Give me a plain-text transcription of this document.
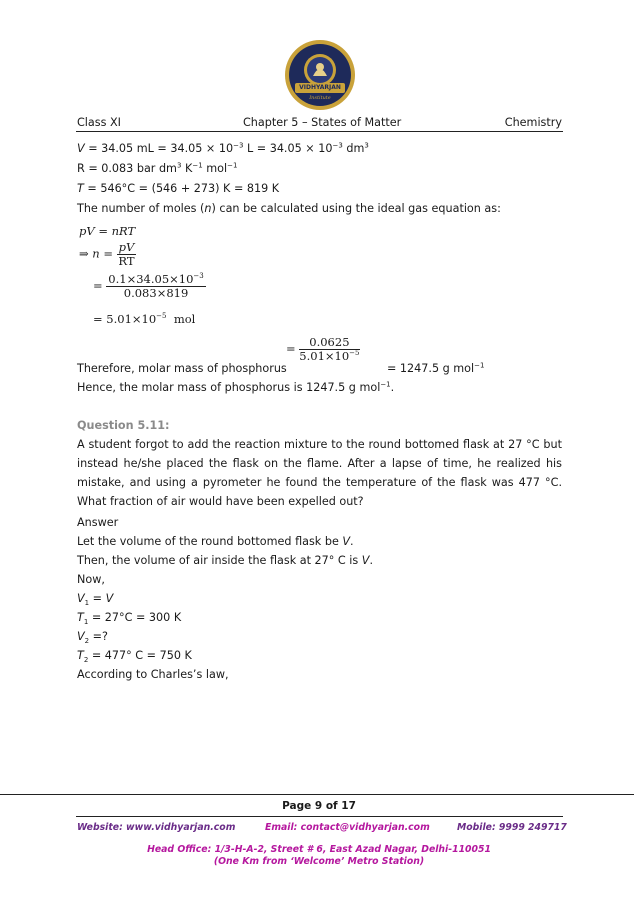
VIDHYARJAN
Institute
Class XI	Chapter 5 – States of Matter	Chemistry
V = 34.05 mL = $34.05 \times 10^{-3}$ $L = 34.05 \times 10^{-3}$ $dm^3$
R = 0.083 bar $dm^3$ $K^{-1}$ mol$^{-1}$
T = 546°C = (546 + 273) K = 819 K
The number of moles (n) can be calculated using the ideal gas equation as:
pV = nRT
⇒ $n = \frac{pV}{RT}$
= $\frac{0.1\times 34.05\times 10^{-3}}{0.083\times 819}$
= $5.01\times 10^{-5}$ mol
= $\frac{0.0625}{5.01\times 10^{-5}}$
Therefore, molar mass of phosphorus	= 1247.5 g mol$^{-1}$
Hence, the molar mass of phosphorus is 1247.5 g mol$^{-1}$.
Question 5.11:
A student forgot to add the reaction mixture to the round bottomed flask at 27 °C but instead he/she placed the flask on the flame. After a lapse of time, he realized his mistake, and using a pyrometer he found the temperature of the flask was 477 °C. What fraction of air would have been expelled out?
Answer
Let the volume of the round bottomed flask be V.
Then, the volume of air inside the flask at 27° C is V.
Now,
$V_1 = V$
$T_1 = 27^\circ C = 300$ K
$V_2$ =?
$T_2 = 477^\circ$ C = 750 K
According to Charles’s law,
Page 9 of 17
Website: www.vidhyarjan.com	Email: contact@vidhyarjan.com	Mobile: 9999 249717
Head Office: 1/3-H-A-2, Street # 6, East Azad Nagar, Delhi-110051
(One Km from ‘Welcome’ Metro Station)
